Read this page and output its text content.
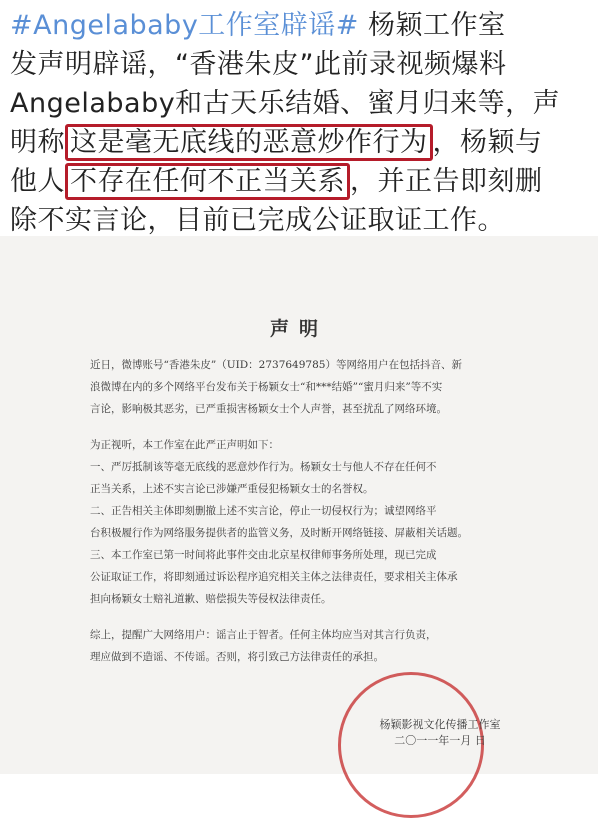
#Angelababy工作室辟谣# 杨颖工作室
发声明辟谣，“香港朱皮”此前录视频爆料
Angelababy和古天乐结婚、蜜月归来等，声
明称 这是毫无底线的恶意炒作行为 ，杨颖与
他人 不存在任何不正当关系 ，并正告即刻删
除不实言论，目前已完成公证取证工作。
声明
近日，微博账号“香港朱皮”（UID：2737649785）等网络用户在包括抖音、新
浪微博在内的多个网络平台发布关于杨颖女士“和***结婚”“蜜月归来”等不实
言论，影响极其恶劣，已严重损害杨颖女士个人声誉，甚至扰乱了网络环境。
为正视听，本工作室在此严正声明如下：
一、严厉抵制该等毫无底线的恶意炒作行为。杨颖女士与他人不存在任何不
正当关系，上述不实言论已涉嫌严重侵犯杨颖女士的名誉权。
二、正告相关主体即刻删撤上述不实言论，停止一切侵权行为；诚望网络平
台积极履行作为网络服务提供者的监管义务，及时断开网络链接、屏蔽相关话题。
三、本工作室已第一时间将此事件交由北京星权律师事务所处理，现已完成
公证取证工作，将即刻通过诉讼程序追究相关主体之法律责任，要求相关主体承
担向杨颖女士赔礼道歉、赔偿损失等侵权法律责任。
综上，提醒广大网络用户：谣言止于智者。任何主体均应当对其言行负责，
理应做到不造谣、不传谣。否则，将引致己方法律责任的承担。
杨颖影视文化传播工作室
二〇一一年一月 日
